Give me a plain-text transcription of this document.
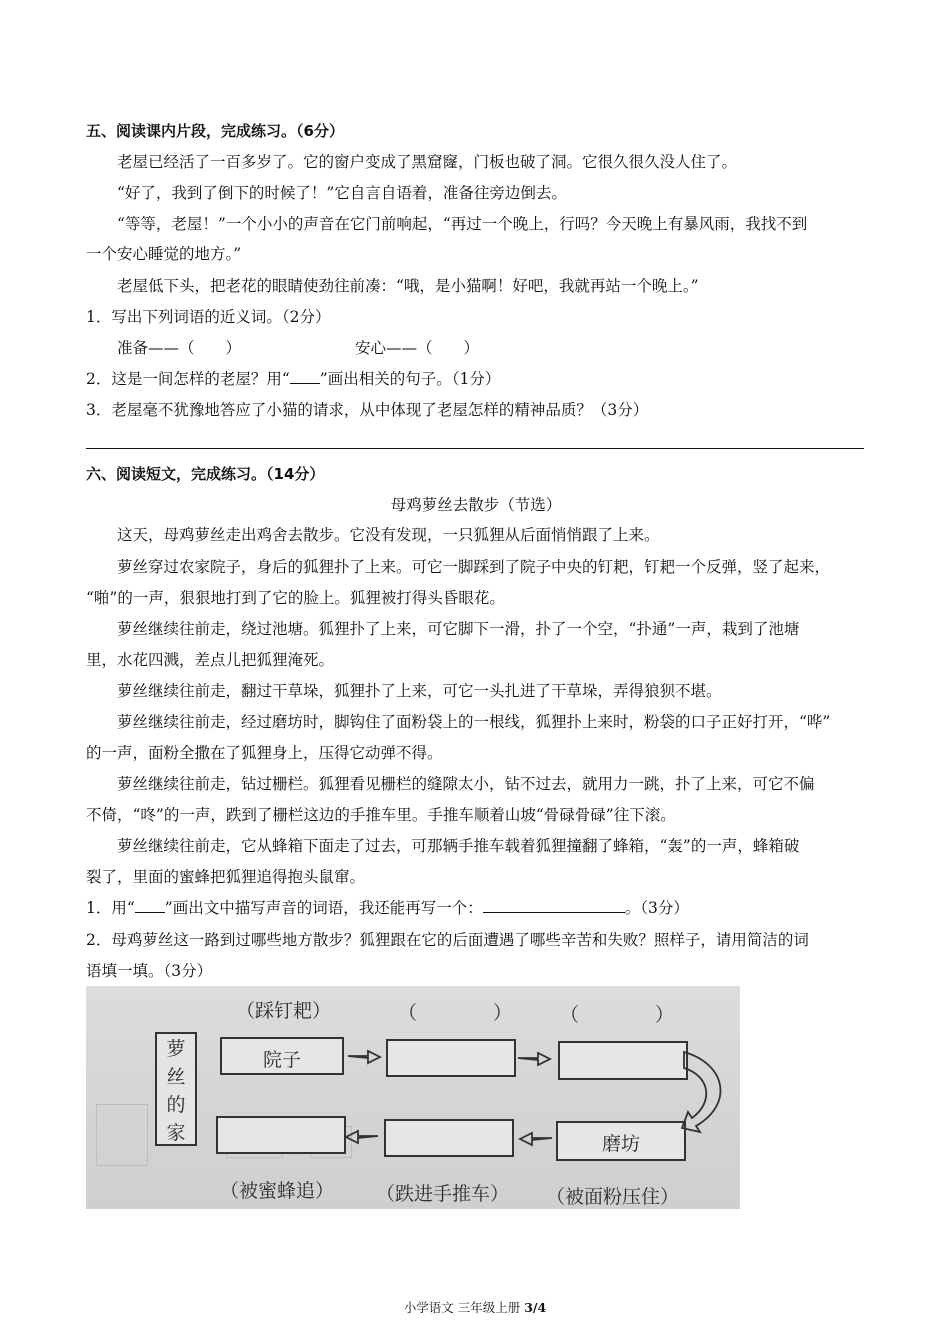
五、阅读课内片段，完成练习。（6分）
老屋已经活了一百多岁了。它的窗户变成了黑窟窿，门板也破了洞。它很久很久没人住了。
“好了，我到了倒下的时候了！”它自言自语着，准备往旁边倒去。
“等等，老屋！”一个小小的声音在它门前响起，“再过一个晚上，行吗？今天晚上有暴风雨，我找不到
一个安心睡觉的地方。”
老屋低下头，把老花的眼睛使劲往前凑：“哦，是小猫啊！好吧，我就再站一个晚上。”
1．写出下列词语的近义词。（2分）
准备——（　　）	安心——（　　）
2．这是一间怎样的老屋？用“ ”画出相关的句子。（1分）
3．老屋毫不犹豫地答应了小猫的请求，从中体现了老屋怎样的精神品质？（3分）
六、阅读短文，完成练习。（14分）
母鸡萝丝去散步（节选）
这天，母鸡萝丝走出鸡舍去散步。它没有发现，一只狐狸从后面悄悄跟了上来。
萝丝穿过农家院子，身后的狐狸扑了上来。可它一脚踩到了院子中央的钉耙，钉耙一个反弹，竖了起来，
“啪”的一声，狠狠地打到了它的脸上。狐狸被打得头昏眼花。
萝丝继续往前走，绕过池塘。狐狸扑了上来，可它脚下一滑，扑了一个空，“扑通”一声，栽到了池塘
里，水花四溅，差点儿把狐狸淹死。
萝丝继续往前走，翻过干草垛，狐狸扑了上来，可它一头扎进了干草垛，弄得狼狈不堪。
萝丝继续往前走，经过磨坊时，脚钩住了面粉袋上的一根线，狐狸扑上来时，粉袋的口子正好打开，“哗”
的一声，面粉全撒在了狐狸身上，压得它动弹不得。
萝丝继续往前走，钻过栅栏。狐狸看见栅栏的缝隙太小，钻不过去，就用力一跳，扑了上来，可它不偏
不倚，“咚”的一声，跌到了栅栏这边的手推车里。手推车顺着山坡“骨碌骨碌”往下滚。
萝丝继续往前走，它从蜂箱下面走了过去，可那辆手推车载着狐狸撞翻了蜂箱，“轰”的一声，蜂箱破
裂了，里面的蜜蜂把狐狸追得抱头鼠窜。
1．用“ ”画出文中描写声音的词语，我还能再写一个：	。（3分）
2．母鸡萝丝这一路到过哪些地方散步？狐狸跟在它的后面遭遇了哪些辛苦和失败？照样子，请用简洁的词
语填一填。（3分）
萝
丝
的
家
（踩钉耙）	（　　　　）	（　　　　）
院子
磨坊
（被蜜蜂追） （跌进手推车） （被面粉压住）
小学语文 三年级上册 3/4
